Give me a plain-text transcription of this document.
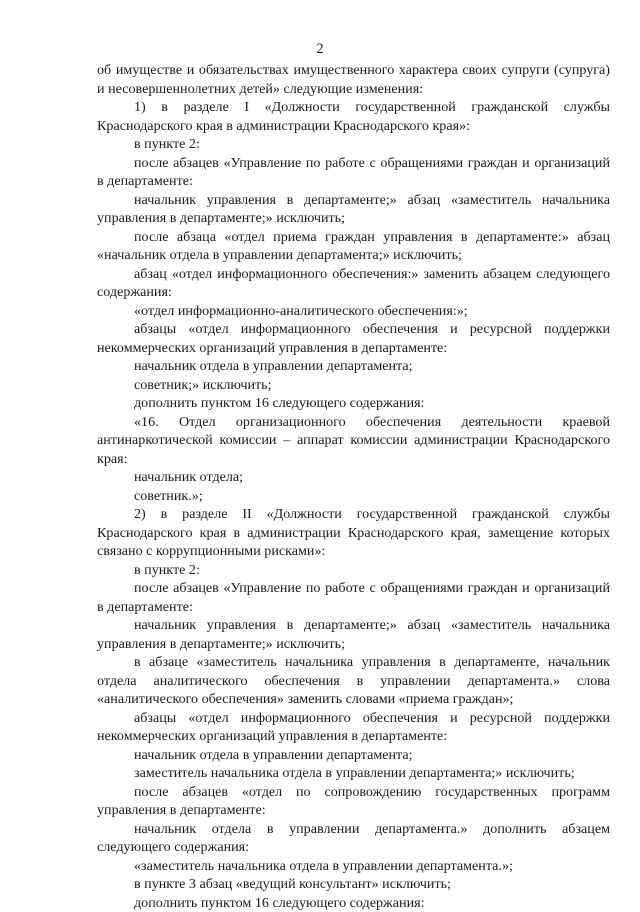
2

об имуществе и обязательствах имущественного характера своих супруги (супруга) и несовершеннолетних детей» следующие изменения:

1) в разделе I «Должности государственной гражданской службы Краснодарского края в администрации Краснодарского края»:

в пункте 2:

после абзацев «Управление по работе с обращениями граждан и организаций в департаменте:

начальник управления в департаменте;» абзац «заместитель начальника управления в департаменте;» исключить;

после абзаца «отдел приема граждан управления в департаменте:» абзац «начальник отдела в управлении департамента;» исключить;

абзац «отдел информационного обеспечения:» заменить абзацем следующего содержания:

«отдел информационно-аналитического обеспечения:»;

абзацы «отдел информационного обеспечения и ресурсной поддержки некоммерческих организаций управления в департаменте:

начальник отдела в управлении департамента;

советник;» исключить;

дополнить пунктом 16 следующего содержания:

«16. Отдел организационного обеспечения деятельности краевой антинаркотической комиссии – аппарат комиссии администрации Краснодарского края:

начальник отдела;

советник.»;

2) в разделе II «Должности государственной гражданской службы Краснодарского края в администрации Краснодарского края, замещение которых связано с коррупционными рисками»:

в пункте 2:

после абзацев «Управление по работе с обращениями граждан и организаций в департаменте:

начальник управления в департаменте;» абзац «заместитель начальника управления в департаменте;» исключить;

в абзаце «заместитель начальника управления в департаменте, начальник отдела аналитического обеспечения в управлении департамента.» слова «аналитического обеспечения» заменить словами «приема граждан»;

абзацы «отдел информационного обеспечения и ресурсной поддержки некоммерческих организаций управления в департаменте:

начальник отдела в управлении департамента;

заместитель начальника отдела в управлении департамента;» исключить;

после абзацев «отдел по сопровождению государственных программ управления в департаменте:

начальник отдела в управлении департамента.» дополнить абзацем следующего содержания:

«заместитель начальника отдела в управлении департамента.»;

в пункте 3 абзац «ведущий консультант» исключить;

дополнить пунктом 16 следующего содержания:
